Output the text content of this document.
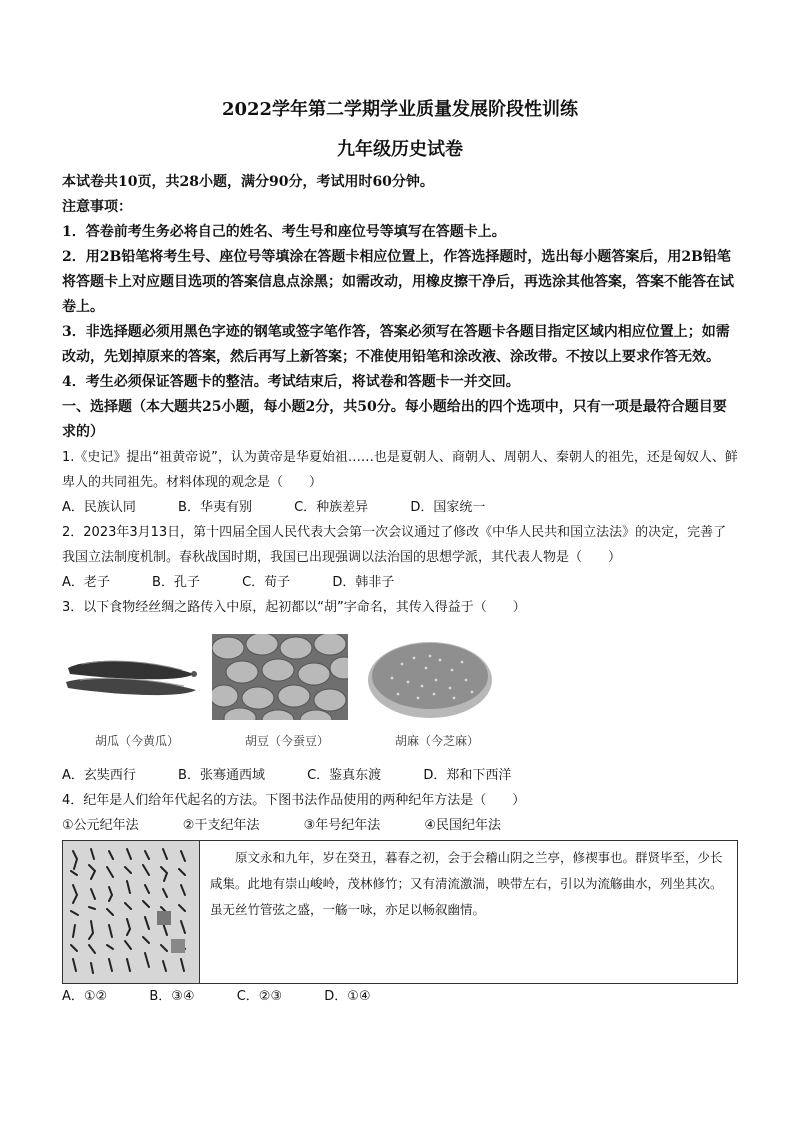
2022学年第二学期学业质量发展阶段性训练

九年级历史试卷

本试卷共10页，共28小题，满分90分，考试用时60分钟。

注意事项：

1．答卷前考生务必将自己的姓名、考生号和座位号等填写在答题卡上。

2．用2B铅笔将考生号、座位号等填涂在答题卡相应位置上，作答选择题时，选出每小题答案后，用2B铅笔将答题卡上对应题目选项的答案信息点涂黑；如需改动，用橡皮擦干净后，再选涂其他答案，答案不能答在试卷上。

3．非选择题必须用黑色字迹的钢笔或签字笔作答，答案必须写在答题卡各题目指定区域内相应位置上；如需改动，先划掉原来的答案，然后再写上新答案；不准使用铅笔和涂改液、涂改带。不按以上要求作答无效。

4．考生必须保证答题卡的整洁。考试结束后，将试卷和答题卡一并交回。

一、选择题（本大题共25小题，每小题2分，共50分。每小题给出的四个选项中，只有一项是最符合题目要求的）

1.《史记》提出“祖黄帝说”，认为黄帝是华夏始祖……也是夏朝人、商朝人、周朝人、秦朝人的祖先，还是匈奴人、鲜卑人的共同祖先。材料体现的观念是（　　）

A．民族认同	B．华夷有别	C．种族差异	D．国家统一

2．2023年3月13日，第十四届全国人民代表大会第一次会议通过了修改《中华人民共和国立法法》的决定，完善了我国立法制度机制。春秋战国时期，我国已出现强调以法治国的思想学派，其代表人物是（　　）

A．老子	B．孔子	C．荀子	D．韩非子

3．以下食物经丝绸之路传入中原，起初都以“胡”字命名，其传入得益于（　　）

胡瓜（今黄瓜）	胡豆（今蚕豆）	胡麻（今芝麻）

A．玄奘西行	B．张骞通西域	C．鉴真东渡	D．郑和下西洋

4．纪年是人们给年代起名的方法。下图书法作品使用的两种纪年方法是（　　）

①公元纪年法	②干支纪年法	③年号纪年法	④民国纪年法

原文永和九年，岁在癸丑，暮春之初，会于会稽山阴之兰亭，修禊事也。群贤毕至，少长咸集。此地有崇山峻岭，茂林修竹；又有清流激湍，映带左右，引以为流觞曲水，列坐其次。虽无丝竹管弦之盛，一觞一咏，亦足以畅叙幽情。

A．①②	B．③④	C．②③	D．①④
